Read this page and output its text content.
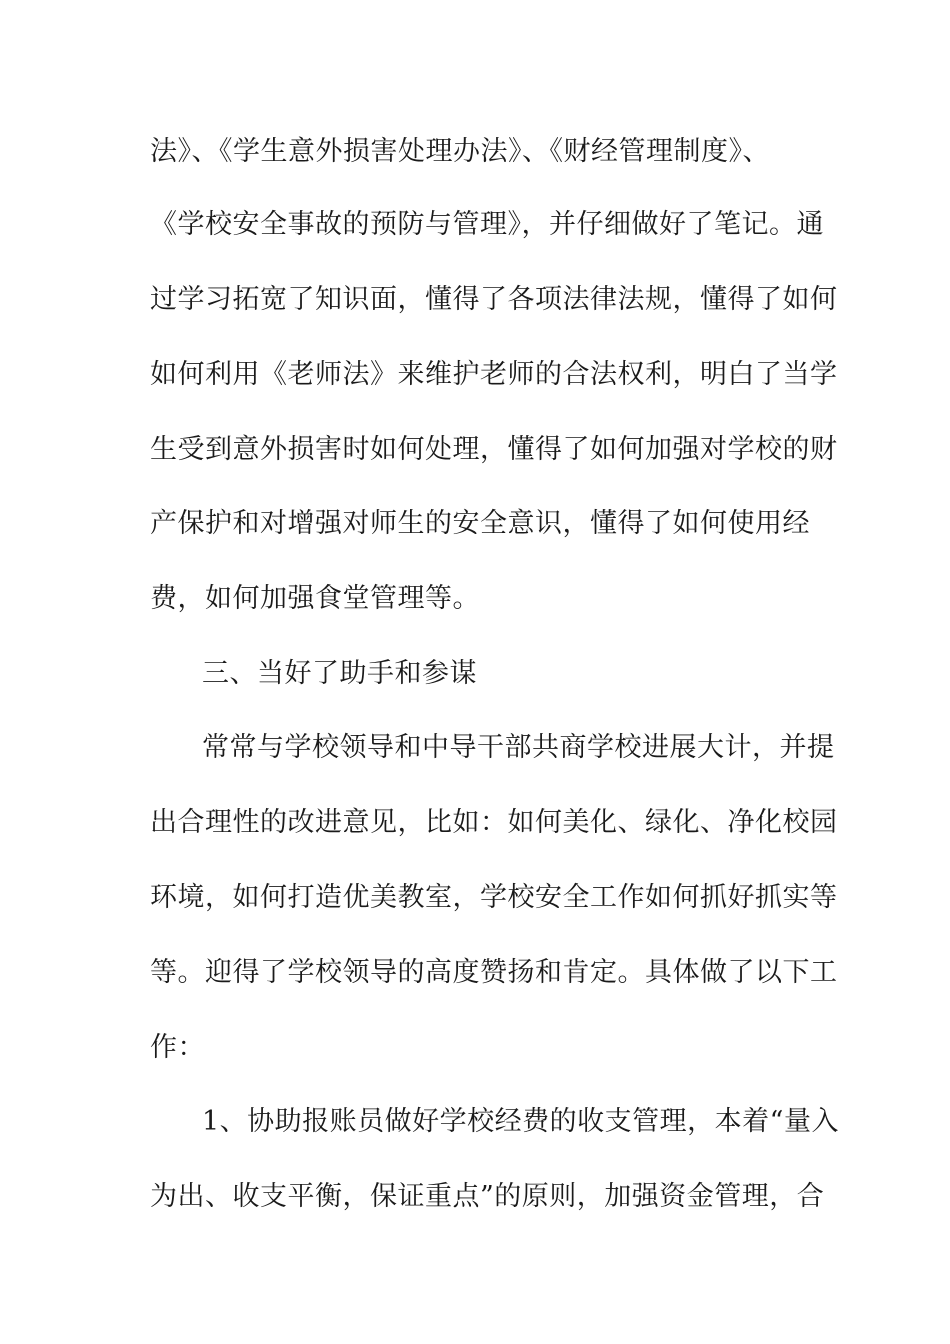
法》、《学生意外损害处理办法》、《财经管理制度》、
《学校安全事故的预防与管理》，并仔细做好了笔记。通
过学习拓宽了知识面，懂得了各项法律法规，懂得了如何
如何利用《老师法》来维护老师的合法权利，明白了当学
生受到意外损害时如何处理，懂得了如何加强对学校的财
产保护和对增强对师生的安全意识，懂得了如何使用经
费，如何加强食堂管理等。
三、当好了助手和参谋
常常与学校领导和中导干部共商学校进展大计，并提
出合理性的改进意见，比如：如何美化、绿化、净化校园
环境，如何打造优美教室，学校安全工作如何抓好抓实等
等。迎得了学校领导的高度赞扬和肯定。具体做了以下工
作：
1、协助报账员做好学校经费的收支管理，本着“量入
为出、收支平衡，保证重点”的原则，加强资金管理，合
